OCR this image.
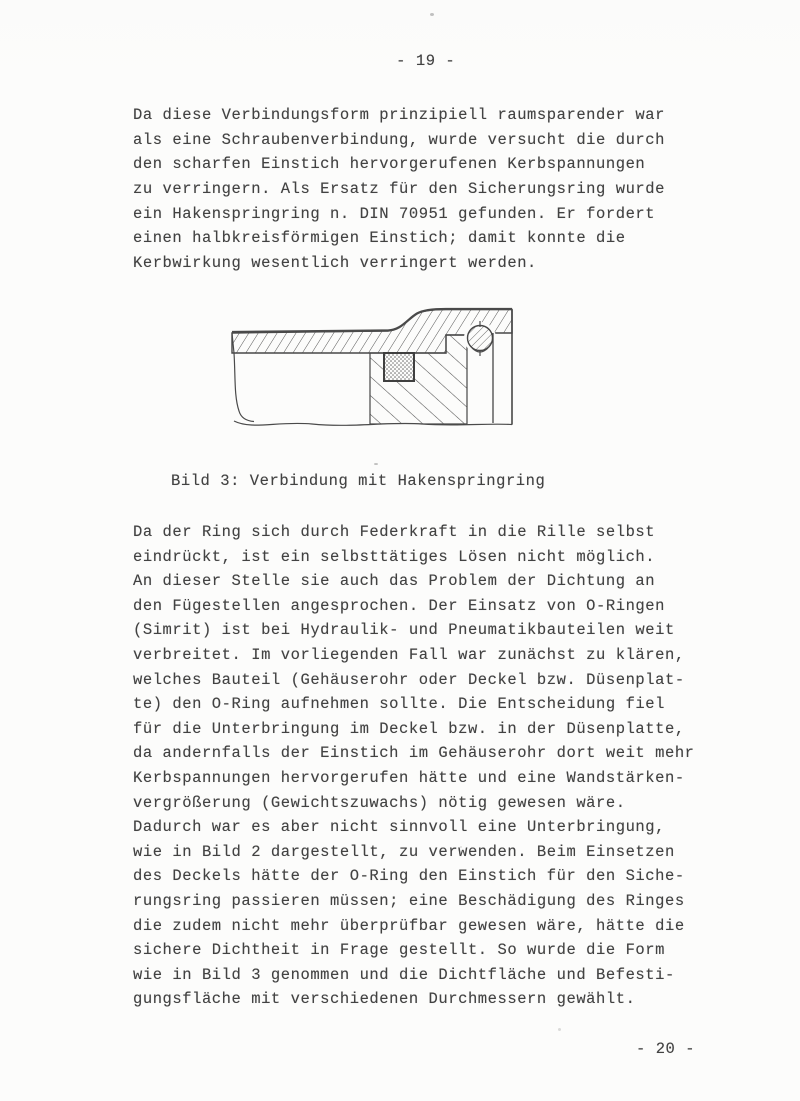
- 19 -

Da diese Verbindungsform prinzipiell raumsparender war
als eine Schraubenverbindung, wurde versucht die durch
den scharfen Einstich hervorgerufenen Kerbspannungen
zu verringern. Als Ersatz für den Sicherungsring wurde
ein Hakenspringring n. DIN 70951 gefunden. Er fordert
einen halbkreisförmigen Einstich; damit konnte die
Kerbwirkung wesentlich verringert werden.
Bild 3: Verbindung mit Hakenspringring
Da der Ring sich durch Federkraft in die Rille selbst
eindrückt, ist ein selbsttätiges Lösen nicht möglich.
An dieser Stelle sie auch das Problem der Dichtung an
den Fügestellen angesprochen. Der Einsatz von O-Ringen
(Simrit) ist bei Hydraulik- und Pneumatikbauteilen weit
verbreitet. Im vorliegenden Fall war zunächst zu klären,
welches Bauteil (Gehäuserohr oder Deckel bzw. Düsenplat-
te) den O-Ring aufnehmen sollte. Die Entscheidung fiel
für die Unterbringung im Deckel bzw. in der Düsenplatte,
da andernfalls der Einstich im Gehäuserohr dort weit mehr
Kerbspannungen hervorgerufen hätte und eine Wandstärken-
vergrößerung (Gewichtszuwachs) nötig gewesen wäre.
Dadurch war es aber nicht sinnvoll eine Unterbringung,
wie in Bild 2 dargestellt, zu verwenden. Beim Einsetzen
des Deckels hätte der O-Ring den Einstich für den Siche-
rungsring passieren müssen; eine Beschädigung des Ringes
die zudem nicht mehr überprüfbar gewesen wäre, hätte die
sichere Dichtheit in Frage gestellt. So wurde die Form
wie in Bild 3 genommen und die Dichtfläche und Befesti-
gungsfläche mit verschiedenen Durchmessern gewählt.
- 20 -
